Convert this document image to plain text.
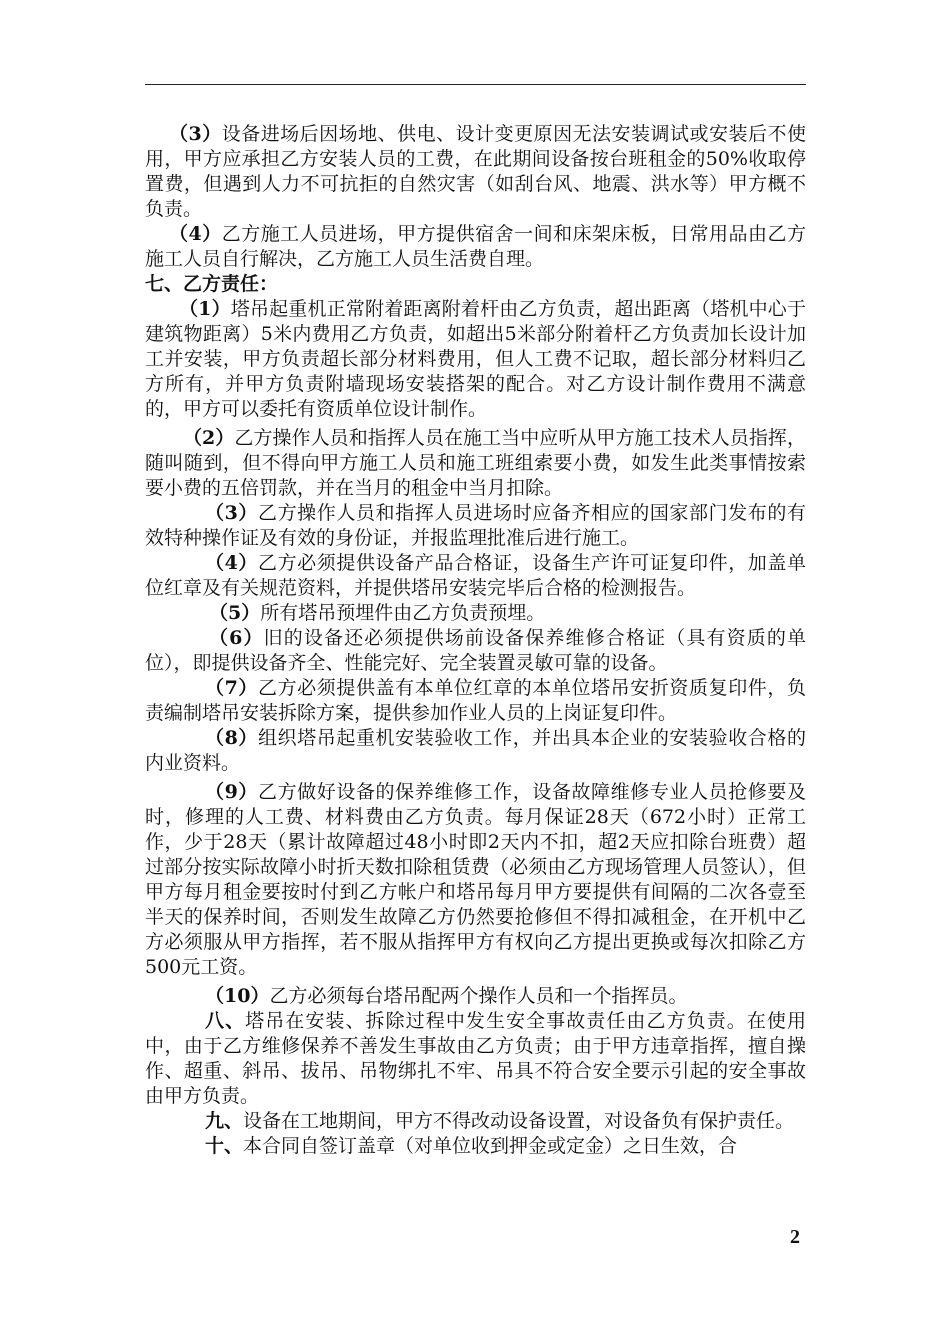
（3）设备进场后因场地、供电、设计变更原因无法安装调试或安装后不使用，甲方应承担乙方安装人员的工费，在此期间设备按台班租金的50%收取停置费，但遇到人力不可抗拒的自然灾害（如刮台风、地震、洪水等）甲方概不负责。

（4）乙方施工人员进场，甲方提供宿舍一间和床架床板，日常用品由乙方施工人员自行解决，乙方施工人员生活费自理。

七、乙方责任：

（1）塔吊起重机正常附着距离附着杆由乙方负责，超出距离（塔机中心于建筑物距离）5米内费用乙方负责，如超出5米部分附着杆乙方负责加长设计加工并安装，甲方负责超长部分材料费用，但人工费不记取，超长部分材料归乙方所有，并甲方负责附墙现场安装搭架的配合。对乙方设计制作费用不满意的，甲方可以委托有资质单位设计制作。

（2）乙方操作人员和指挥人员在施工当中应听从甲方施工技术人员指挥，随叫随到，但不得向甲方施工人员和施工班组索要小费，如发生此类事情按索要小费的五倍罚款，并在当月的租金中当月扣除。

（3）乙方操作人员和指挥人员进场时应备齐相应的国家部门发布的有效特种操作证及有效的身份证，并报监理批准后进行施工。

（4）乙方必须提供设备产品合格证，设备生产许可证复印件，加盖单位红章及有关规范资料，并提供塔吊安装完毕后合格的检测报告。

（5）所有塔吊预埋件由乙方负责预埋。

（6）旧的设备还必须提供场前设备保养维修合格证（具有资质的单位），即提供设备齐全、性能完好、完全装置灵敏可靠的设备。

（7）乙方必须提供盖有本单位红章的本单位塔吊安折资质复印件，负责编制塔吊安装拆除方案，提供参加作业人员的上岗证复印件。

（8）组织塔吊起重机安装验收工作，并出具本企业的安装验收合格的内业资料。

（9）乙方做好设备的保养维修工作，设备故障维修专业人员抢修要及时，修理的人工费、材料费由乙方负责。每月保证28天（672小时）正常工作，少于28天（累计故障超过48小时即2天内不扣，超2天应扣除台班费）超过部分按实际故障小时折天数扣除租赁费（必须由乙方现场管理人员签认），但甲方每月租金要按时付到乙方帐户和塔吊每月甲方要提供有间隔的二次各壹至半天的保养时间，否则发生故障乙方仍然要抢修但不得扣减租金，在开机中乙方必须服从甲方指挥，若不服从指挥甲方有权向乙方提出更换或每次扣除乙方500元工资。

（10）乙方必须每台塔吊配两个操作人员和一个指挥员。

八、塔吊在安装、拆除过程中发生安全事故责任由乙方负责。在使用中，由于乙方维修保养不善发生事故由乙方负责；由于甲方违章指挥，擅自操作、超重、斜吊、拔吊、吊物绑扎不牢、吊具不符合安全要示引起的安全事故由甲方负责。

九、设备在工地期间，甲方不得改动设备设置，对设备负有保护责任。

十、本合同自签订盖章（对单位收到押金或定金）之日生效，合

2
